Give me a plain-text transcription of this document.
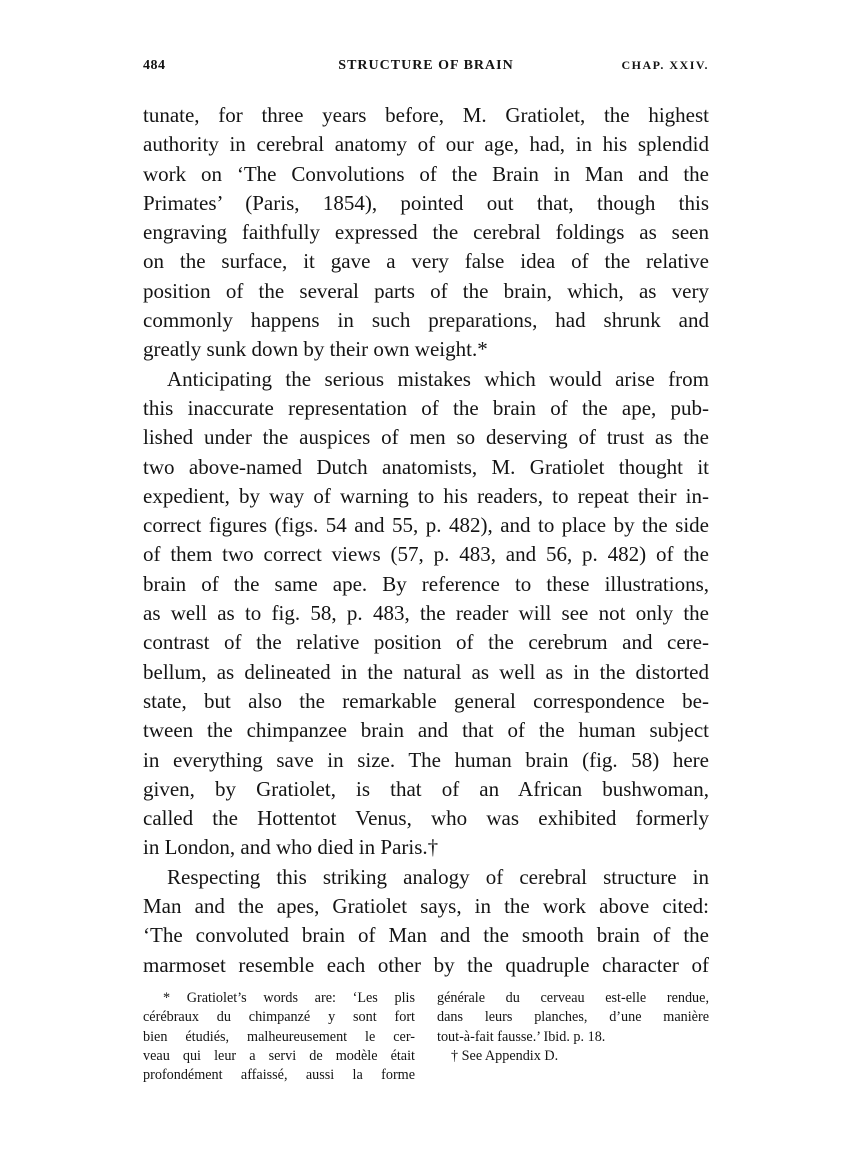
484	STRUCTURE OF BRAIN	CHAP. XXIV.
tunate, for three years before, M. Gratiolet, the highest
authority in cerebral anatomy of our age, had, in his splendid
work on ‘The Convolutions of the Brain in Man and the
Primates’ (Paris, 1854), pointed out that, though this
engraving faithfully expressed the cerebral foldings as seen
on the surface, it gave a very false idea of the relative
position of the several parts of the brain, which, as very
commonly happens in such preparations, had shrunk and
greatly sunk down by their own weight.*
Anticipating the serious mistakes which would arise from
this inaccurate representation of the brain of the ape, pub-
lished under the auspices of men so deserving of trust as the
two above-named Dutch anatomists, M. Gratiolet thought it
expedient, by way of warning to his readers, to repeat their in-
correct figures (figs. 54 and 55, p. 482), and to place by the side
of them two correct views (57, p. 483, and 56, p. 482) of the
brain of the same ape. By reference to these illustrations,
as well as to fig. 58, p. 483, the reader will see not only the
contrast of the relative position of the cerebrum and cere-
bellum, as delineated in the natural as well as in the distorted
state, but also the remarkable general correspondence be-
tween the chimpanzee brain and that of the human subject
in everything save in size. The human brain (fig. 58) here
given, by Gratiolet, is that of an African bushwoman,
called the Hottentot Venus, who was exhibited formerly
in London, and who died in Paris.†
Respecting this striking analogy of cerebral structure in
Man and the apes, Gratiolet says, in the work above cited:
‘The convoluted brain of Man and the smooth brain of the
marmoset resemble each other by the quadruple character of
* Gratiolet’s words are: ‘Les plis
cérébraux du chimpanzé y sont fort
bien étudiés, malheureusement le cer-
veau qui leur a servi de modèle était
profondément affaissé, aussi la forme
générale du cerveau est-elle rendue,
dans leurs planches, d’une manière
tout-à-fait fausse.’ Ibid. p. 18.
† See Appendix D.
